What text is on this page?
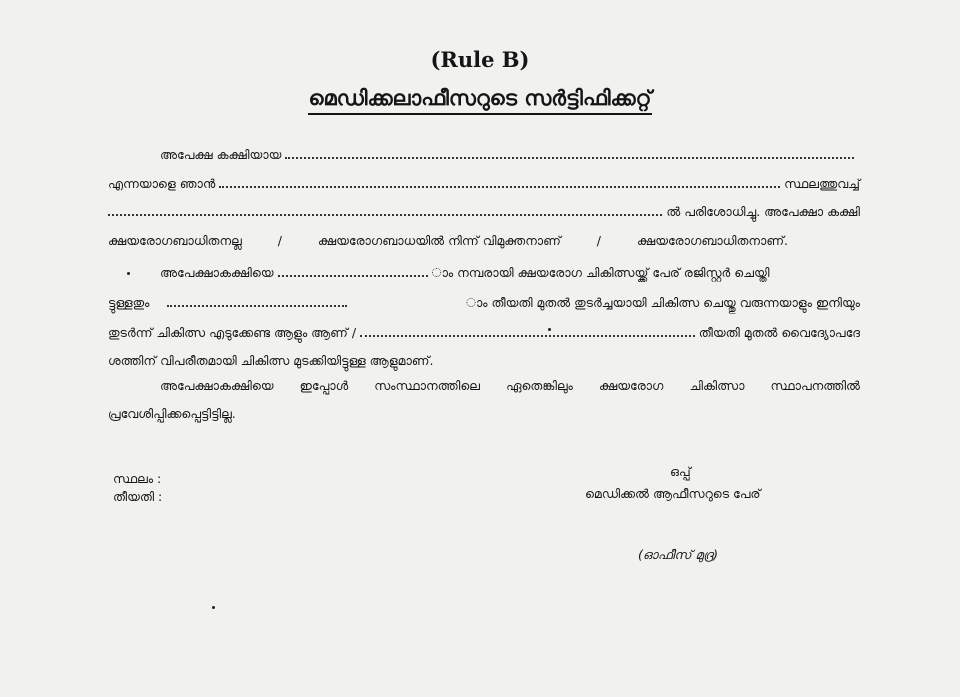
(Rule B)
മെഡിക്കലാഫീസറുടെ സർട്ടിഫിക്കറ്റ്
അപേക്ഷ കക്ഷിയായ
എന്നയാളെ ഞാൻ	സ്ഥലത്തുവച്ച്
ൽ പരിശോധിച്ചു. അപേക്ഷാ കക്ഷി
ക്ഷയരോഗബാധിതനല്ല	/	ക്ഷയരോഗബാധയിൽ നിന്ന് വിമുക്തനാണ്	/	ക്ഷയരോഗബാധിതനാണ്.
അപേക്ഷാകക്ഷിയെ	ാം നമ്പരായി ക്ഷയരോഗ ചികിത്സയ്ക്ക് പേര് രജിസ്റ്റർ ചെയ്തി
ട്ടുള്ളതും	ാം തീയതി മുതൽ തുടർച്ചയായി ചികിത്സ ചെയ്തു വരുന്നയാളും ഇനിയും
തുടർന്ന് ചികിത്സ എടുക്കേണ്ട ആളും ആണ് /	തീയതി മുതൽ വൈദ്യോപദേ
ശത്തിന് വിപരീതമായി ചികിത്സ മുടക്കിയിട്ടുള്ള ആളുമാണ്.
അപേക്ഷാകക്ഷിയെ ഇപ്പോൾ സംസ്ഥാനത്തിലെ ഏതെങ്കിലും ക്ഷയരോഗ ചികിത്സാ സ്ഥാപനത്തിൽ
പ്രവേശിപ്പിക്കപ്പെട്ടിട്ടില്ല.
സ്ഥലം :
തീയതി :
ഒപ്പ്
മെഡിക്കൽ ആഫീസറുടെ പേര്
(ഓഫീസ് മുദ്ര)
